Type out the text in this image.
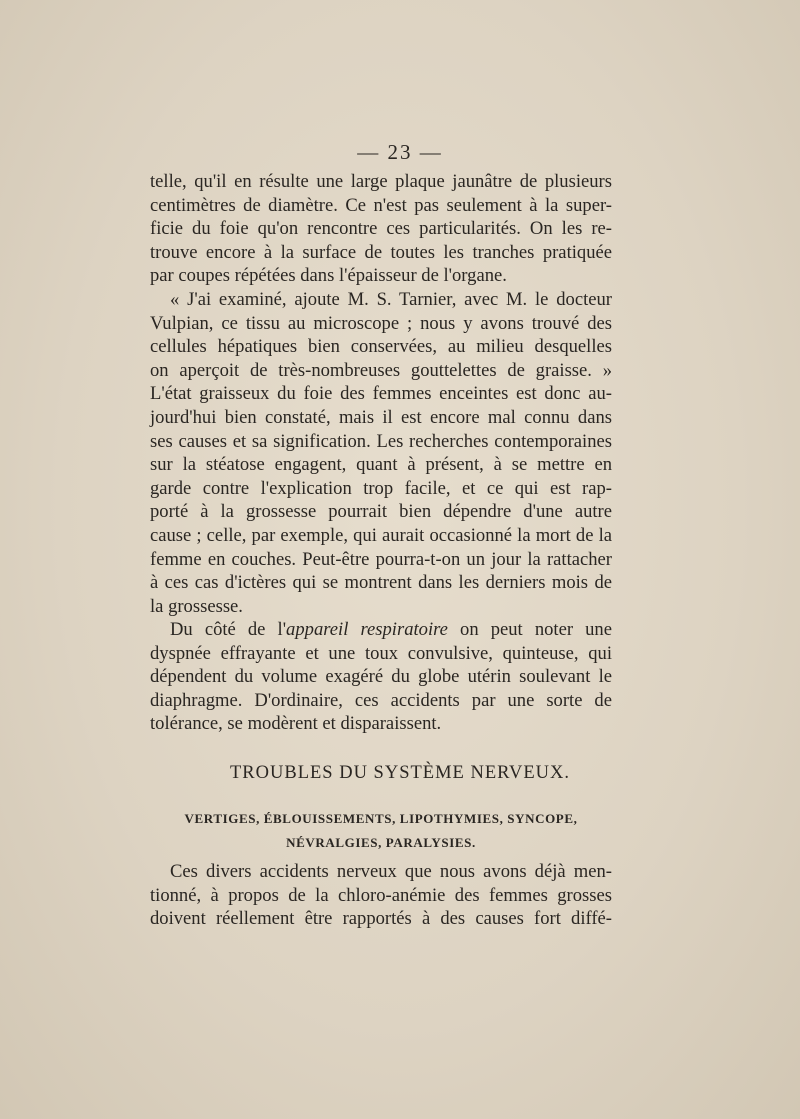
— 23 —
telle, qu'il en résulte une large plaque jaunâtre de plusieurs
centimètres de diamètre. Ce n'est pas seulement à la super-
ficie du foie qu'on rencontre ces particularités. On les re-
trouve encore à la surface de toutes les tranches pratiquée
par coupes répétées dans l'épaisseur de l'organe.
« J'ai examiné, ajoute M. S. Tarnier, avec M. le docteur
Vulpian, ce tissu au microscope ; nous y avons trouvé des
cellules hépatiques bien conservées, au milieu desquelles
on aperçoit de très-nombreuses gouttelettes de graisse. »
L'état graisseux du foie des femmes enceintes est donc au-
jourd'hui bien constaté, mais il est encore mal connu dans
ses causes et sa signification. Les recherches contemporaines
sur la stéatose engagent, quant à présent, à se mettre en
garde contre l'explication trop facile, et ce qui est rap-
porté à la grossesse pourrait bien dépendre d'une autre
cause ; celle, par exemple, qui aurait occasionné la mort de la
femme en couches. Peut-être pourra-t-on un jour la rattacher
à ces cas d'ictères qui se montrent dans les derniers mois de
la grossesse.
Du côté de l'appareil respiratoire on peut noter une
dyspnée effrayante et une toux convulsive, quinteuse, qui
dépendent du volume exagéré du globe utérin soulevant le
diaphragme. D'ordinaire, ces accidents par une sorte de
tolérance, se modèrent et disparaissent.
TROUBLES DU SYSTÈME NERVEUX.
VERTIGES, ÉBLOUISSEMENTS, LIPOTHYMIES, SYNCOPE,
NÉVRALGIES, PARALYSIES.
Ces divers accidents nerveux que nous avons déjà men-
tionné, à propos de la chloro-anémie des femmes grosses
doivent réellement être rapportés à des causes fort diffé-
